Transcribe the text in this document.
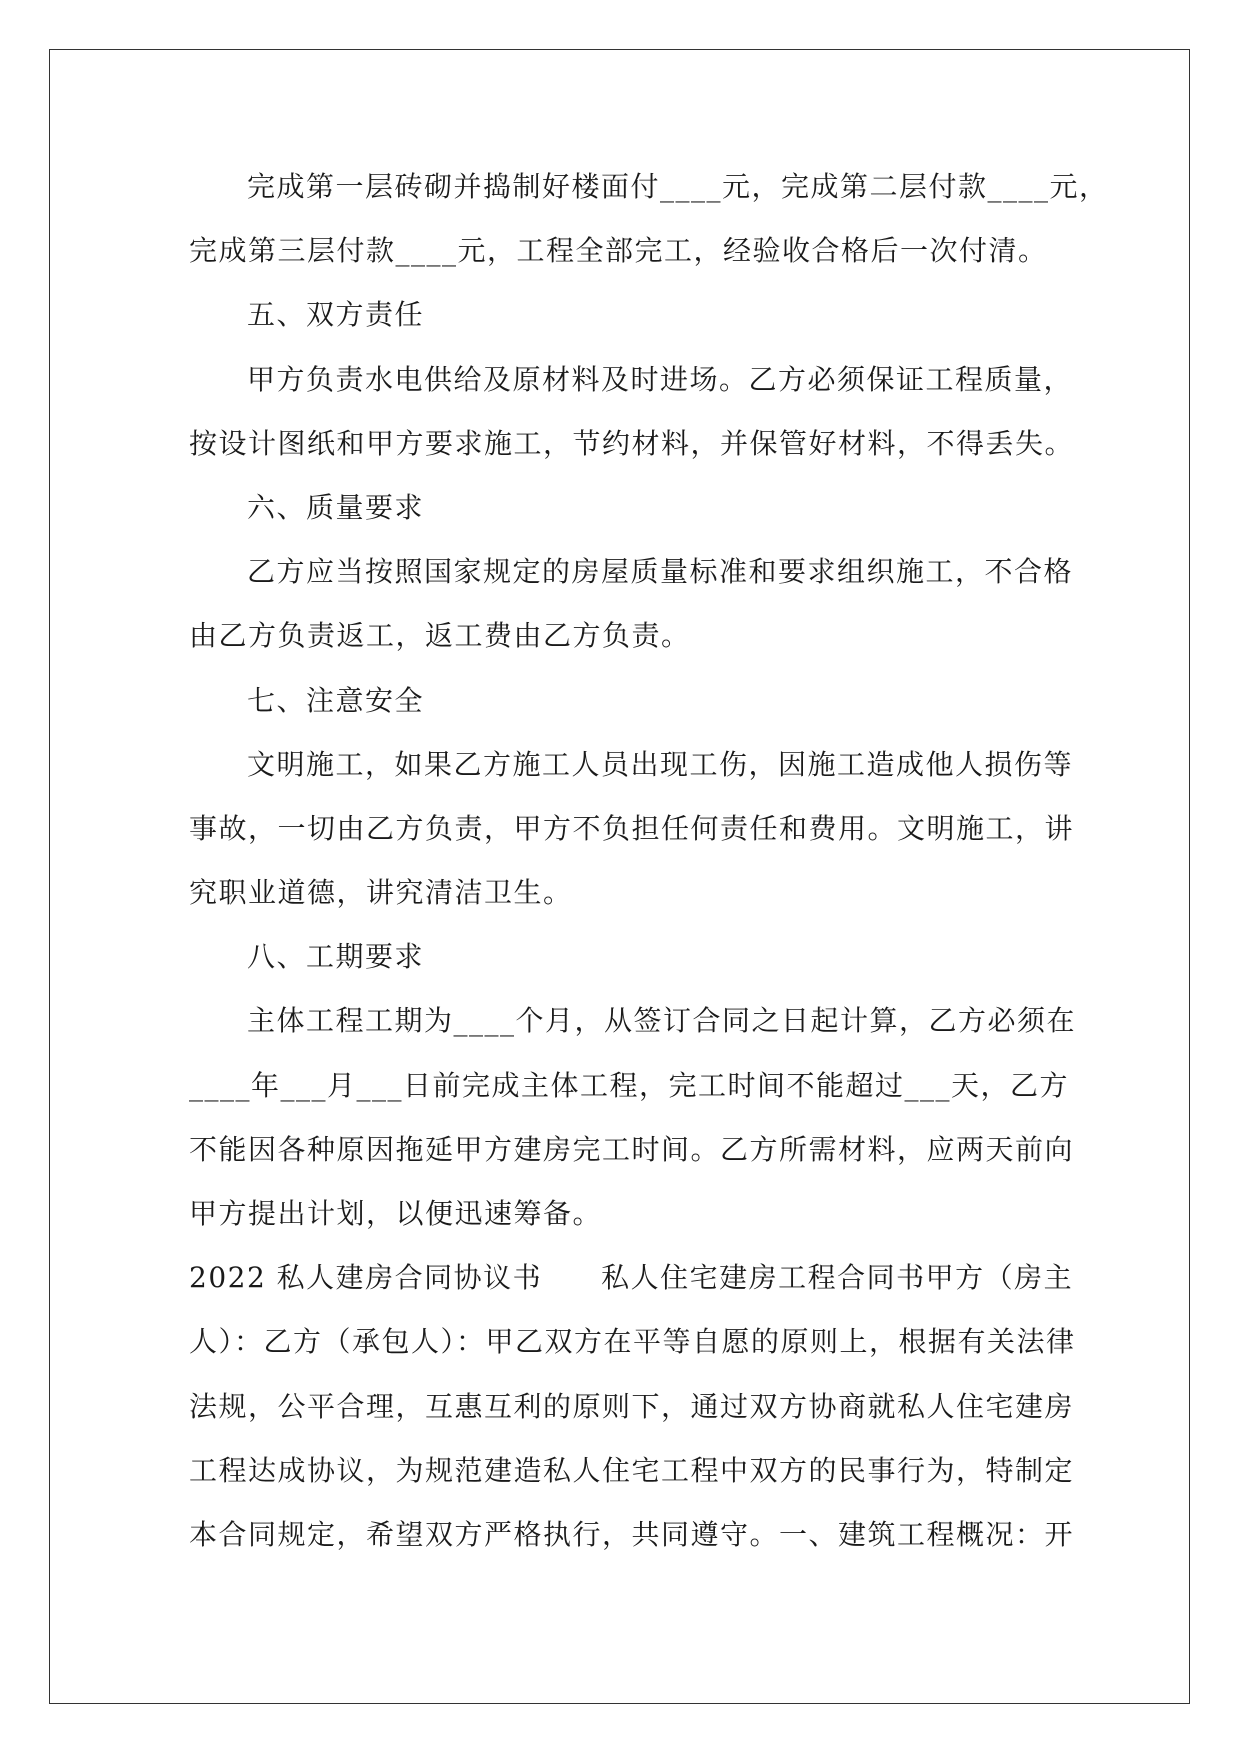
完成第一层砖砌并捣制好楼面付____元，完成第二层付款____元，
完成第三层付款____元，工程全部完工，经验收合格后一次付清。
五、双方责任
甲方负责水电供给及原材料及时进场。乙方必须保证工程质量，
按设计图纸和甲方要求施工，节约材料，并保管好材料，不得丢失。
六、质量要求
乙方应当按照国家规定的房屋质量标准和要求组织施工，不合格
由乙方负责返工，返工费由乙方负责。
七、注意安全
文明施工，如果乙方施工人员出现工伤，因施工造成他人损伤等
事故，一切由乙方负责，甲方不负担任何责任和费用。文明施工，讲
究职业道德，讲究清洁卫生。
八、工期要求
主体工程工期为____个月，从签订合同之日起计算，乙方必须在
____年___月___日前完成主体工程，完工时间不能超过___天，乙方
不能因各种原因拖延甲方建房完工时间。乙方所需材料，应两天前向
甲方提出计划，以便迅速筹备。
2022 私人建房合同协议书　　私人住宅建房工程合同书甲方（房主
人）：乙方（承包人）：甲乙双方在平等自愿的原则上，根据有关法律
法规，公平合理，互惠互利的原则下，通过双方协商就私人住宅建房
工程达成协议，为规范建造私人住宅工程中双方的民事行为，特制定
本合同规定，希望双方严格执行，共同遵守。一、建筑工程概况：开
